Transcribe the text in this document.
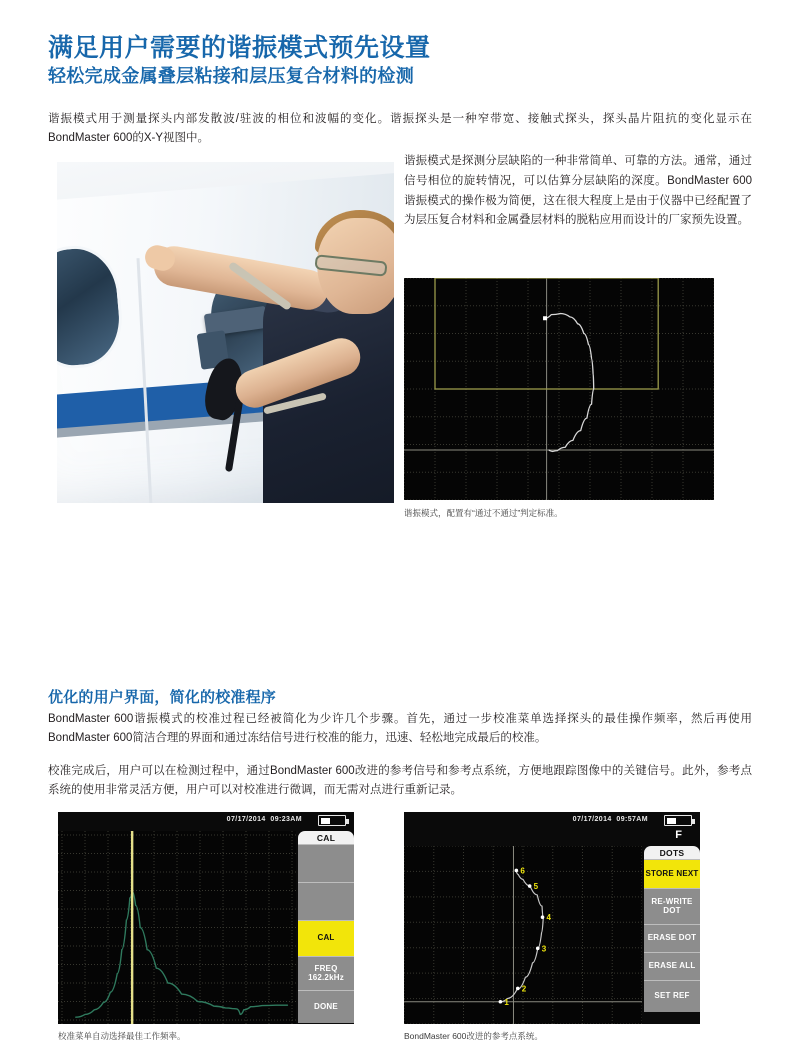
满足用户需要的谐振模式预先设置
轻松完成金属叠层粘接和层压复合材料的检测
谐振模式用于测量探头内部发散波/驻波的相位和波幅的变化。谐振探头是一种窄带宽、接触式探头，探头晶片阻抗的变化显示在BondMaster 600的X-Y视图中。
谐振模式是探测分层缺陷的一种非常简单、可靠的方法。通常，通过信号相位的旋转情况，可以估算分层缺陷的深度。BondMaster 600谐振模式的操作极为简便，这在很大程度上是由于仪器中已经配置了为层压复合材料和金属叠层材料的脱粘应用而设计的厂家预先设置。
谐振模式，配置有“通过不通过”判定标准。
优化的用户界面，简化的校准程序
BondMaster 600谐振模式的校准过程已经被简化为少许几个步骤。首先，通过一步校准菜单选择探头的最佳操作频率，然后再使用BondMaster 600简洁合理的界面和通过冻结信号进行校准的能力，迅速、轻松地完成最后的校准。
校准完成后，用户可以在检测过程中，通过BondMaster 600改进的参考信号和参考点系统，方便地跟踪图像中的关键信号。此外，参考点系统的使用非常灵活方便，用户可以对校准进行微调，而无需对点进行重新记录。
07/17/2014 09:23AM
CAL
CAL
FREQ
162.2kHz
DONE
校准菜单自动选择最佳工作频率。
07/17/2014 09:57AM
F
1
2
3
4
5
6
DOTS
STORE NEXT
RE-WRITE
DOT
ERASE DOT
ERASE ALL
SET REF
BondMaster 600改进的参考点系统。
